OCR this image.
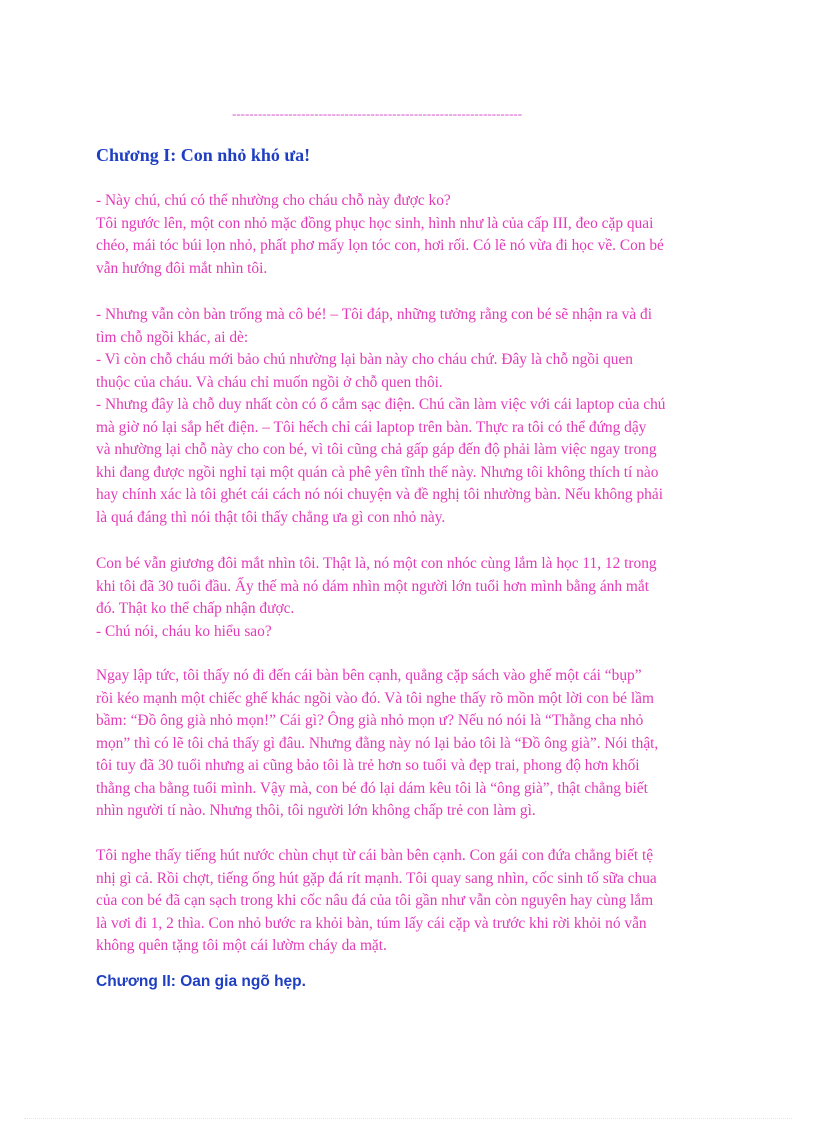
-------------------------------------------------------------------
Chương I: Con nhỏ khó ưa!

- Này chú, chú có thể nhường cho cháu chỗ này được ko?

Tôi ngước lên, một con nhỏ mặc đồng phục học sinh, hình như là của cấp III, đeo cặp quai

chéo, mái tóc búi lọn nhỏ, phất phơ mấy lọn tóc con, hơi rối. Có lẽ nó vừa đi học về. Con bé

vẫn hướng đôi mắt nhìn tôi.

- Nhưng vẫn còn bàn trống mà cô bé! – Tôi đáp, những tưởng rằng con bé sẽ nhận ra và đi

tìm chỗ ngồi khác, ai dè:

- Vì còn chỗ cháu mới bảo chú nhường lại bàn này cho cháu chứ. Đây là chỗ ngồi quen

thuộc của cháu. Và cháu chỉ muốn ngồi ở chỗ quen thôi.

- Nhưng đây là chỗ duy nhất còn có ổ cắm sạc điện. Chú cần làm việc với cái laptop của chú

mà giờ nó lại sắp hết điện. – Tôi hếch chỉ cái laptop trên bàn. Thực ra tôi có thể đứng dậy

và nhường lại chỗ này cho con bé, vì tôi cũng chả gấp gáp đến độ phải làm việc ngay trong

khi đang được ngồi nghỉ tại một quán cà phê yên tĩnh thế này. Nhưng tôi không thích tí nào

hay chính xác là tôi ghét cái cách nó nói chuyện và đề nghị tôi nhường bàn. Nếu không phải

là quá đáng thì nói thật tôi thấy chẳng ưa gì con nhỏ này.

Con bé vẫn giương đôi mắt nhìn tôi. Thật là, nó một con nhóc cùng lắm là học 11, 12 trong

khi tôi đã 30 tuổi đầu. Ấy thế mà nó dám nhìn một người lớn tuổi hơn mình bằng ánh mắt

đó. Thật ko thể chấp nhận được.

- Chú nói, cháu ko hiểu sao?

Ngay lập tức, tôi thấy nó đi đến cái bàn bên cạnh, quẳng cặp sách vào ghế một cái “bụp”

rồi kéo mạnh một chiếc ghế khác ngồi vào đó. Và tôi nghe thấy rõ mồn một lời con bé lầm

bầm: “Đồ ông già nhỏ mọn!” Cái gì? Ông già nhỏ mọn ư? Nếu nó nói là “Thằng cha nhỏ

mọn” thì có lẽ tôi chả thấy gì đâu. Nhưng đằng này nó lại bảo tôi là “Đồ ông già”. Nói thật,

tôi tuy đã 30 tuổi nhưng ai cũng bảo tôi là trẻ hơn so tuổi và đẹp trai, phong độ hơn khối

thằng cha bằng tuổi mình. Vậy mà, con bé đó lại dám kêu tôi là “ông già”, thật chẳng biết

nhìn người tí nào. Nhưng thôi, tôi người lớn không chấp trẻ con làm gì.

Tôi nghe thấy tiếng hút nước chùn chụt từ cái bàn bên cạnh. Con gái con đứa chẳng biết tệ

nhị gì cả. Rồi chợt, tiếng ống hút gặp đá rít mạnh. Tôi quay sang nhìn, cốc sinh tố sữa chua

của con bé đã cạn sạch trong khi cốc nâu đá của tôi gần như vẫn còn nguyên hay cùng lắm

là vơi đi 1, 2 thìa. Con nhỏ bước ra khỏi bàn, túm lấy cái cặp và trước khi rời khỏi nó vẫn

không quên tặng tôi một cái lườm cháy da mặt.

Chương II: Oan gia ngõ hẹp.
